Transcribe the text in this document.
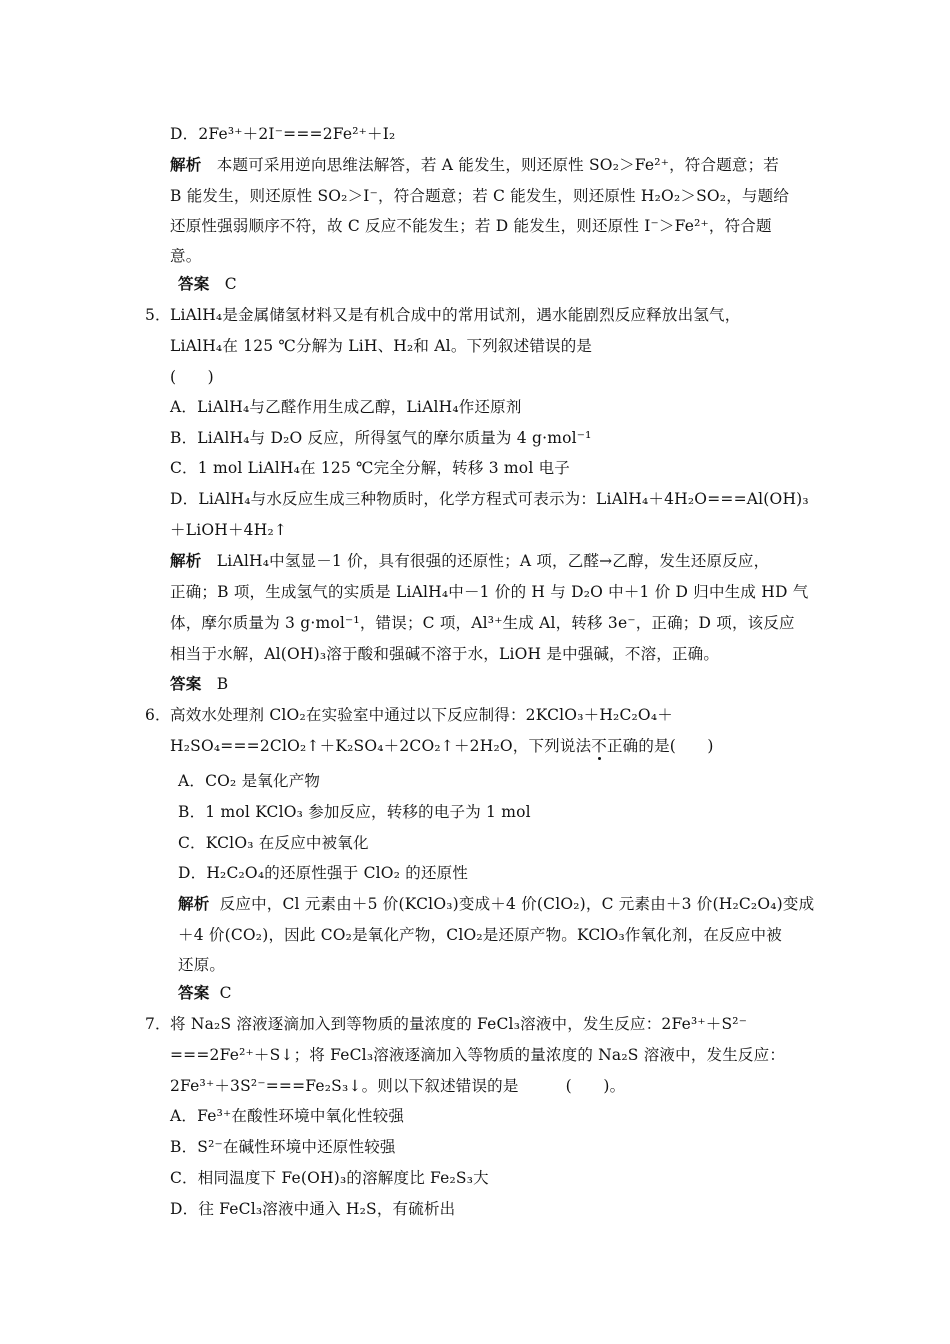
D．2Fe³⁺＋2I⁻===2Fe²⁺＋I₂
解析 本题可采用逆向思维法解答，若 A 能发生，则还原性 SO₂＞Fe²⁺，符合题意；若
B 能发生，则还原性 SO₂＞I⁻，符合题意；若 C 能发生，则还原性 H₂O₂＞SO₂，与题给
还原性强弱顺序不符，故 C 反应不能发生；若 D 能发生，则还原性 I⁻＞Fe²⁺，符合题
意。
答案 C
5． LiAlH₄是金属储氢材料又是有机合成中的常用试剂，遇水能剧烈反应释放出氢气，
LiAlH₄在 125 ℃分解为 LiH、H₂和 Al。下列叙述错误的是
(　　)
A．LiAlH₄与乙醛作用生成乙醇，LiAlH₄作还原剂
B．LiAlH₄与 D₂O 反应，所得氢气的摩尔质量为 4 g·mol⁻¹
C．1 mol LiAlH₄在 125 ℃完全分解，转移 3 mol 电子
D．LiAlH₄与水反应生成三种物质时，化学方程式可表示为：LiAlH₄＋4H₂O===Al(OH)₃
＋LiOH＋4H₂↑
解析 LiAlH₄中氢显－1 价，具有很强的还原性；A 项，乙醛→乙醇，发生还原反应，
正确；B 项，生成氢气的实质是 LiAlH₄中－1 价的 H 与 D₂O 中＋1 价 D 归中生成 HD 气
体，摩尔质量为 3 g·mol⁻¹，错误；C 项，Al³⁺生成 Al，转移 3e⁻，正确；D 项，该反应
相当于水解，Al(OH)₃溶于酸和强碱不溶于水，LiOH 是中强碱，不溶，正确。
答案 B
6． 高效水处理剂 ClO₂在实验室中通过以下反应制得：2KClO₃＋H₂C₂O₄＋
H₂SO₄===2ClO₂↑＋K₂SO₄＋2CO₂↑＋2H₂O，下列说法不正确的是(　　)
A．CO₂ 是氧化产物
B．1 mol KClO₃ 参加反应，转移的电子为 1 mol
C．KClO₃ 在反应中被氧化
D．H₂C₂O₄的还原性强于 ClO₂ 的还原性
解析 反应中，Cl 元素由＋5 价(KClO₃)变成＋4 价(ClO₂)，C 元素由＋3 价(H₂C₂O₄)变成
＋4 价(CO₂)，因此 CO₂是氧化产物，ClO₂是还原产物。KClO₃作氧化剂，在反应中被
还原。
答案 C
7． 将 Na₂S 溶液逐滴加入到等物质的量浓度的 FeCl₃溶液中，发生反应：2Fe³⁺＋S²⁻
===2Fe²⁺＋S↓；将 FeCl₃溶液逐滴加入等物质的量浓度的 Na₂S 溶液中，发生反应：
2Fe³⁺＋3S²⁻===Fe₂S₃↓。则以下叙述错误的是　　　(　　)。
A．Fe³⁺在酸性环境中氧化性较强
B．S²⁻在碱性环境中还原性较强
C．相同温度下 Fe(OH)₃的溶解度比 Fe₂S₃大
D．往 FeCl₃溶液中通入 H₂S，有硫析出
